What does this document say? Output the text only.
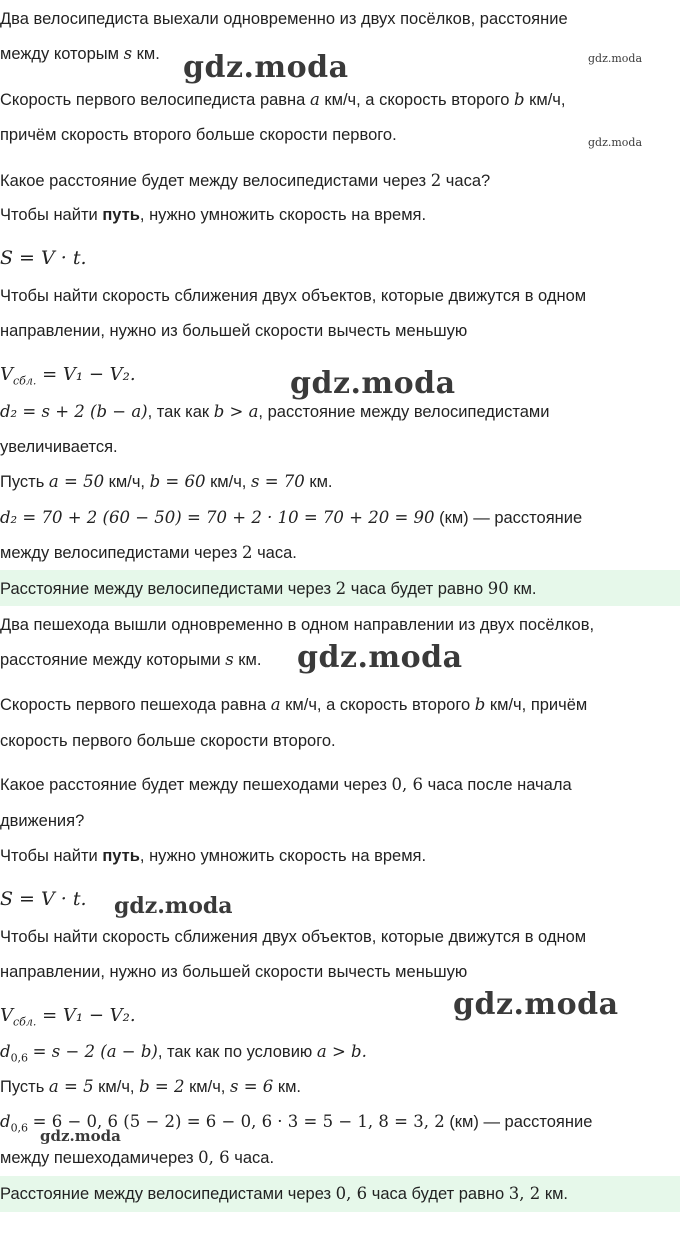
Два велосипедиста выехали одновременно из двух посёлков, расстояние
между которым s км.
Скорость первого велосипедиста равна a км/ч, а скорость второго b км/ч,
причём скорость второго больше скорости первого.
Какое расстояние будет между велосипедистами через 2 часа?
Чтобы найти путь, нужно умножить скорость на время.
S = V · t.
Чтобы найти скорость сближения двух объектов, которые движутся в одном
направлении, нужно из большей скорости вычесть меньшую
$V_{сбл.} = V_1 - V_2$.
d₂ = s + 2 (b − a), так как b > a, расстояние между велосипедистами
увеличивается.
Пусть a = 50 км/ч, b = 60 км/ч, s = 70 км.
d₂ = 70 + 2 (60 − 50) = 70 + 2 · 10 = 70 + 20 = 90 (км) — расстояние
между велосипедистами через 2 часа.
Расстояние между велосипедистами через 2 часа будет равно 90 км.
Два пешехода вышли одновременно в одном направлении из двух посёлков,
расстояние между которыми s км.
Скорость первого пешехода равна a км/ч, а скорость второго b км/ч, причём
скорость первого больше скорости второго.
Какое расстояние будет между пешеходами через 0, 6 часа после начала
движения?
Чтобы найти путь, нужно умножить скорость на время.
S = V · t.
Чтобы найти скорость сближения двух объектов, которые движутся в одном
направлении, нужно из большей скорости вычесть меньшую
$V_{сбл.} = V_1 - V_2$.
$d_{0,6} = s - 2$ (a − b), так как по условию a > b.
Пусть a = 5 км/ч, b = 2 км/ч, s = 6 км.
$d_{0,6} = 6 - 0$, 6 (5 − 2) = 6 − 0, 6 · 3 = 5 − 1, 8 = 3, 2 (км) — расстояние
между пешеходамичерез 0, 6 часа.
Расстояние между велосипедистами через 0, 6 часа будет равно 3, 2 км.
gdz.moda	gdz.moda
gdz.moda
gdz.moda
gdz.moda
gdz.moda
gdz.moda
gdz.moda
